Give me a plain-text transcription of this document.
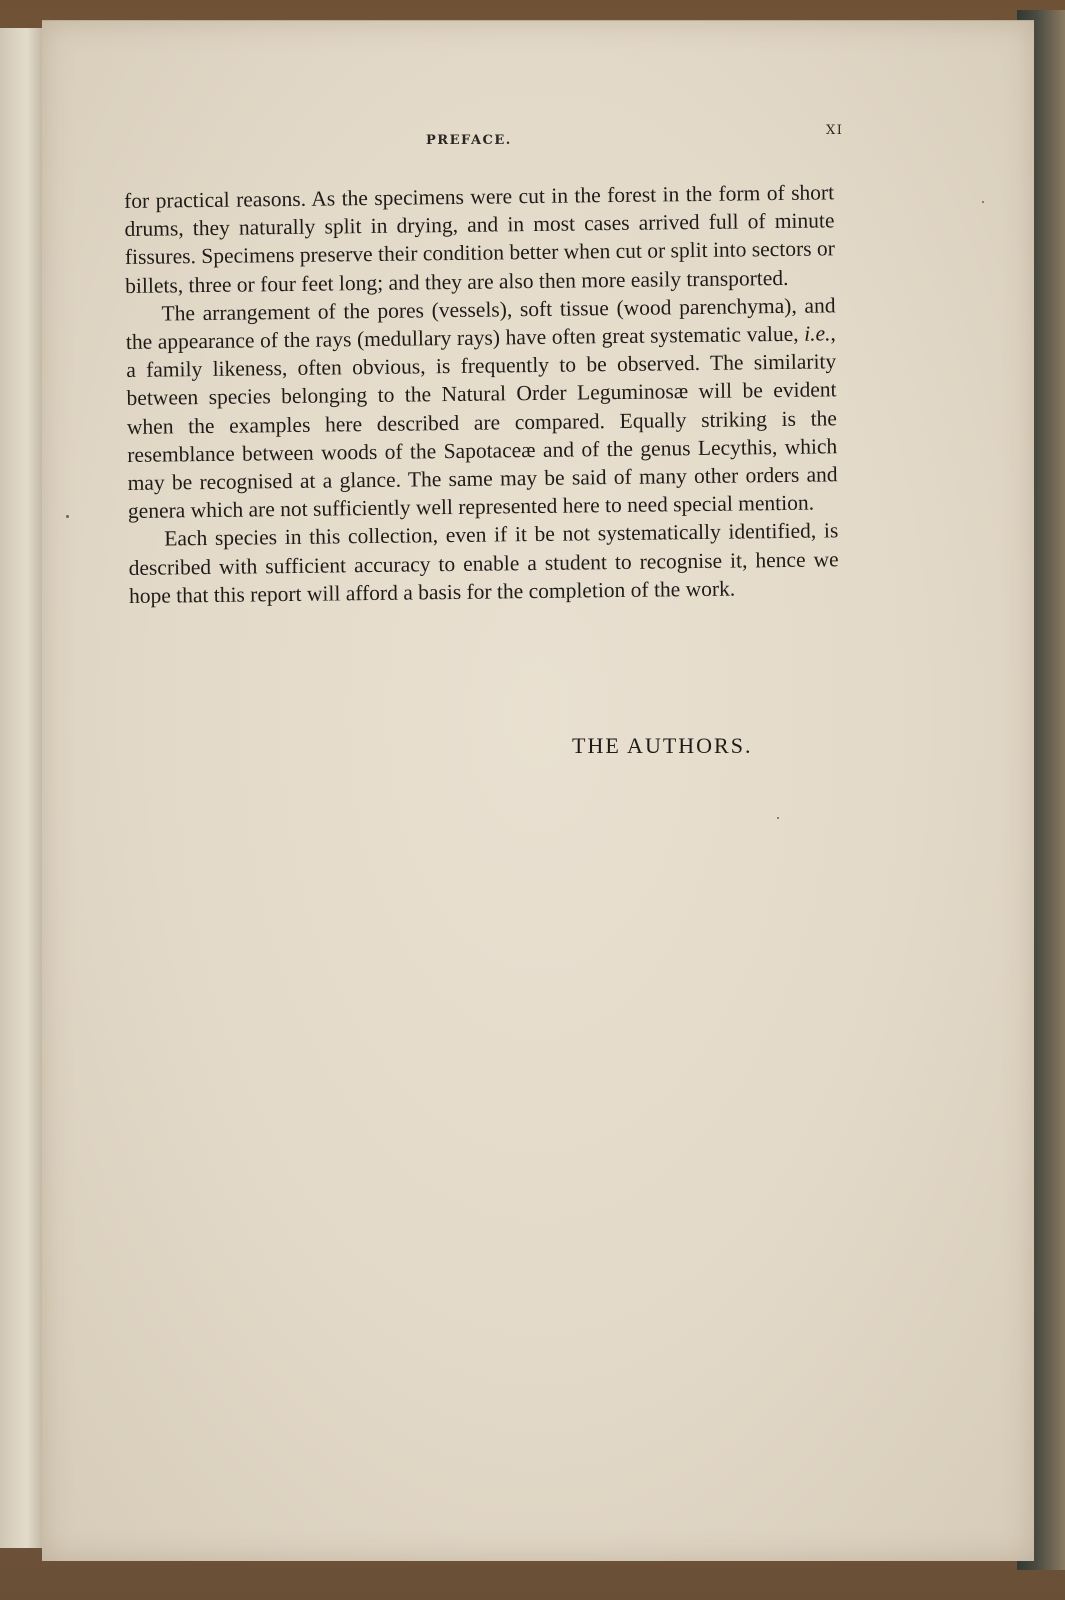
PREFACE.
XI

for practical reasons. As the specimens were cut in the forest in the form of short drums, they naturally split in drying, and in most cases arrived full of minute fissures. Specimens preserve their condition better when cut or split into sectors or billets, three or four feet long; and they are also then more easily transported.

The arrangement of the pores (vessels), soft tissue (wood parenchyma), and the appearance of the rays (medullary rays) have often great systematic value, i.e., a family likeness, often obvious, is frequently to be observed. The similarity between species belonging to the Natural Order Leguminosæ will be evident when the examples here described are compared. Equally striking is the resemblance between woods of the Sapotaceæ and of the genus Lecythis, which may be recognised at a glance. The same may be said of many other orders and genera which are not sufficiently well represented here to need special mention.

Each species in this collection, even if it be not systematically identified, is described with sufficient accuracy to enable a student to recognise it, hence we hope that this report will afford a basis for the completion of the work.

THE AUTHORS.
